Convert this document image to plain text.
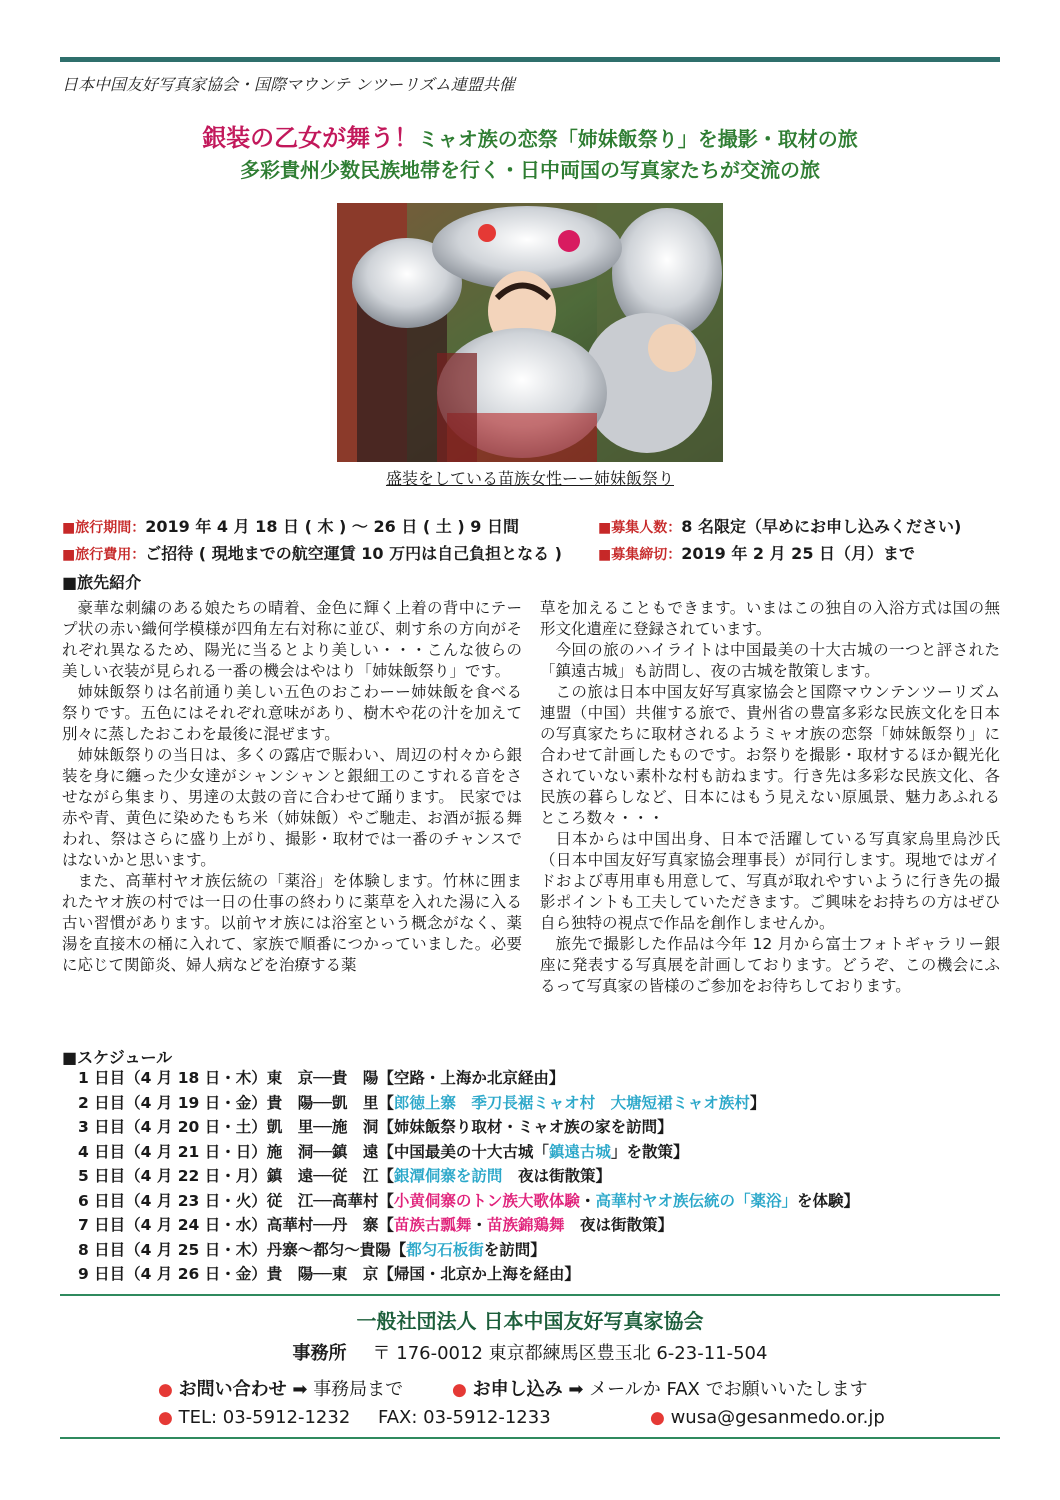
日本中国友好写真家協会・国際マウンテ ンツーリズム連盟共催
銀装の乙女が舞う！ミャオ族の恋祭「姉妹飯祭り」を撮影・取材の旅
多彩貴州少数民族地帯を行く・日中両国の写真家たちが交流の旅
盛装をしている苗族女性ーー姉妹飯祭り
■旅行期間：2019 年 4 月 18 日 ( 木 ) 〜 26 日 ( 土 ) 9 日間	■募集人数：8 名限定（早めにお申し込みください)
■旅行費用：ご招待 ( 現地までの航空運賃 10 万円は自己負担となる )	■募集締切：2019 年 2 月 25 日（月）まで
■旅先紹介

豪華な刺繍のある娘たちの晴着、金色に輝く上着の背中にテープ状の赤い織何学模様が四角左右対称に並び、刺す糸の方向がそれぞれ異なるため、陽光に当るとより美しい・・・こんな彼らの美しい衣装が見られる一番の機会はやはり「姉妹飯祭り」です。

姉妹飯祭りは名前通り美しい五色のおこわーー姉妹飯を食べる祭りです。五色にはそれぞれ意味があり、樹木や花の汁を加えて別々に蒸したおこわを最後に混ぜます。

姉妹飯祭りの当日は、多くの露店で賑わい、周辺の村々から銀装を身に纏った少女達がシャンシャンと銀細工のこすれる音をさせながら集まり、男達の太鼓の音に合わせて踊ります。 民家では赤や青、黄色に染めたもち米（姉妹飯）やご馳走、お酒が振る舞われ、祭はさらに盛り上がり、撮影・取材では一番のチャンスではないかと思います。

また、高華村ヤオ族伝統の「薬浴」を体験します。竹林に囲まれたヤオ族の村では一日の仕事の終わりに薬草を入れた湯に入る古い習慣があります。以前ヤオ族には浴室という概念がなく、薬湯を直接木の桶に入れて、家族で順番につかっていました。必要に応じて関節炎、婦人病などを治療する薬

草を加えることもできます。いまはこの独自の入浴方式は国の無形文化遺産に登録されています。

今回の旅のハイライトは中国最美の十大古城の一つと評された「鎮遠古城」も訪問し、夜の古城を散策します。

この旅は日本中国友好写真家協会と国際マウンテンツーリズム連盟（中国）共催する旅で、貴州省の豊富多彩な民族文化を日本の写真家たちに取材されるようミャオ族の恋祭「姉妹飯祭り」に合わせて計画したものです。お祭りを撮影・取材するほか観光化されていない素朴な村も訪ねます。行き先は多彩な民族文化、各民族の暮らしなど、日本にはもう見えない原風景、魅力あふれるところ数々・・・

日本からは中国出身、日本で活躍している写真家烏里烏沙氏（日本中国友好写真家協会理事長）が同行します。現地ではガイドおよび専用車も用意して、写真が取れやすいように行き先の撮影ポイントも工夫していただきます。ご興味をお持ちの方はぜひ自ら独特の視点で作品を創作しませんか。

旅先で撮影した作品は今年 12 月から富士フォトギャラリー銀座に発表する写真展を計画しております。どうぞ、この機会にふるって写真家の皆様のご参加をお待ちしております。

■スケジュール
1 日目（4 月 18 日・木）東　京──貴　陽【空路・上海か北京経由】
2 日目（4 月 19 日・金）貴　陽──凱　里【郎徳上寨　季刀長裾ミャオ村　大塘短裙ミャオ族村】
3 日目（4 月 20 日・土）凱　里──施　洞【姉妹飯祭り取材・ミャオ族の家を訪問】
4 日目（4 月 21 日・日）施　洞──鎮　遠【中国最美の十大古城「鎮遠古城」を散策】
5 日目（4 月 22 日・月）鎮　遠──従　江【銀潭侗寨を訪問　夜は街散策】
6 日目（4 月 23 日・火）従　江──高華村【小黄侗寨のトン族大歌体験・高華村ヤオ族伝統の「薬浴」を体験】
7 日目（4 月 24 日・水）高華村──丹　寨【苗族古瓢舞・苗族錦鶏舞　夜は街散策】
8 日目（4 月 25 日・木）丹寨〜都匀〜貴陽【都匀石板街を訪問】
9 日目（4 月 26 日・金）貴　陽──東　京【帰国・北京か上海を経由】
一般社団法人 日本中国友好写真家協会
事務所 〒 176-0012 東京都練馬区豊玉北 6-23-11-504
● お問い合わせ ➡ 事務局まで	● お申し込み ➡ メールか FAX でお願いいたします
● TEL: 03-5912-1232 FAX: 03-5912-1233	● wusa@gesanmedo.or.jp
